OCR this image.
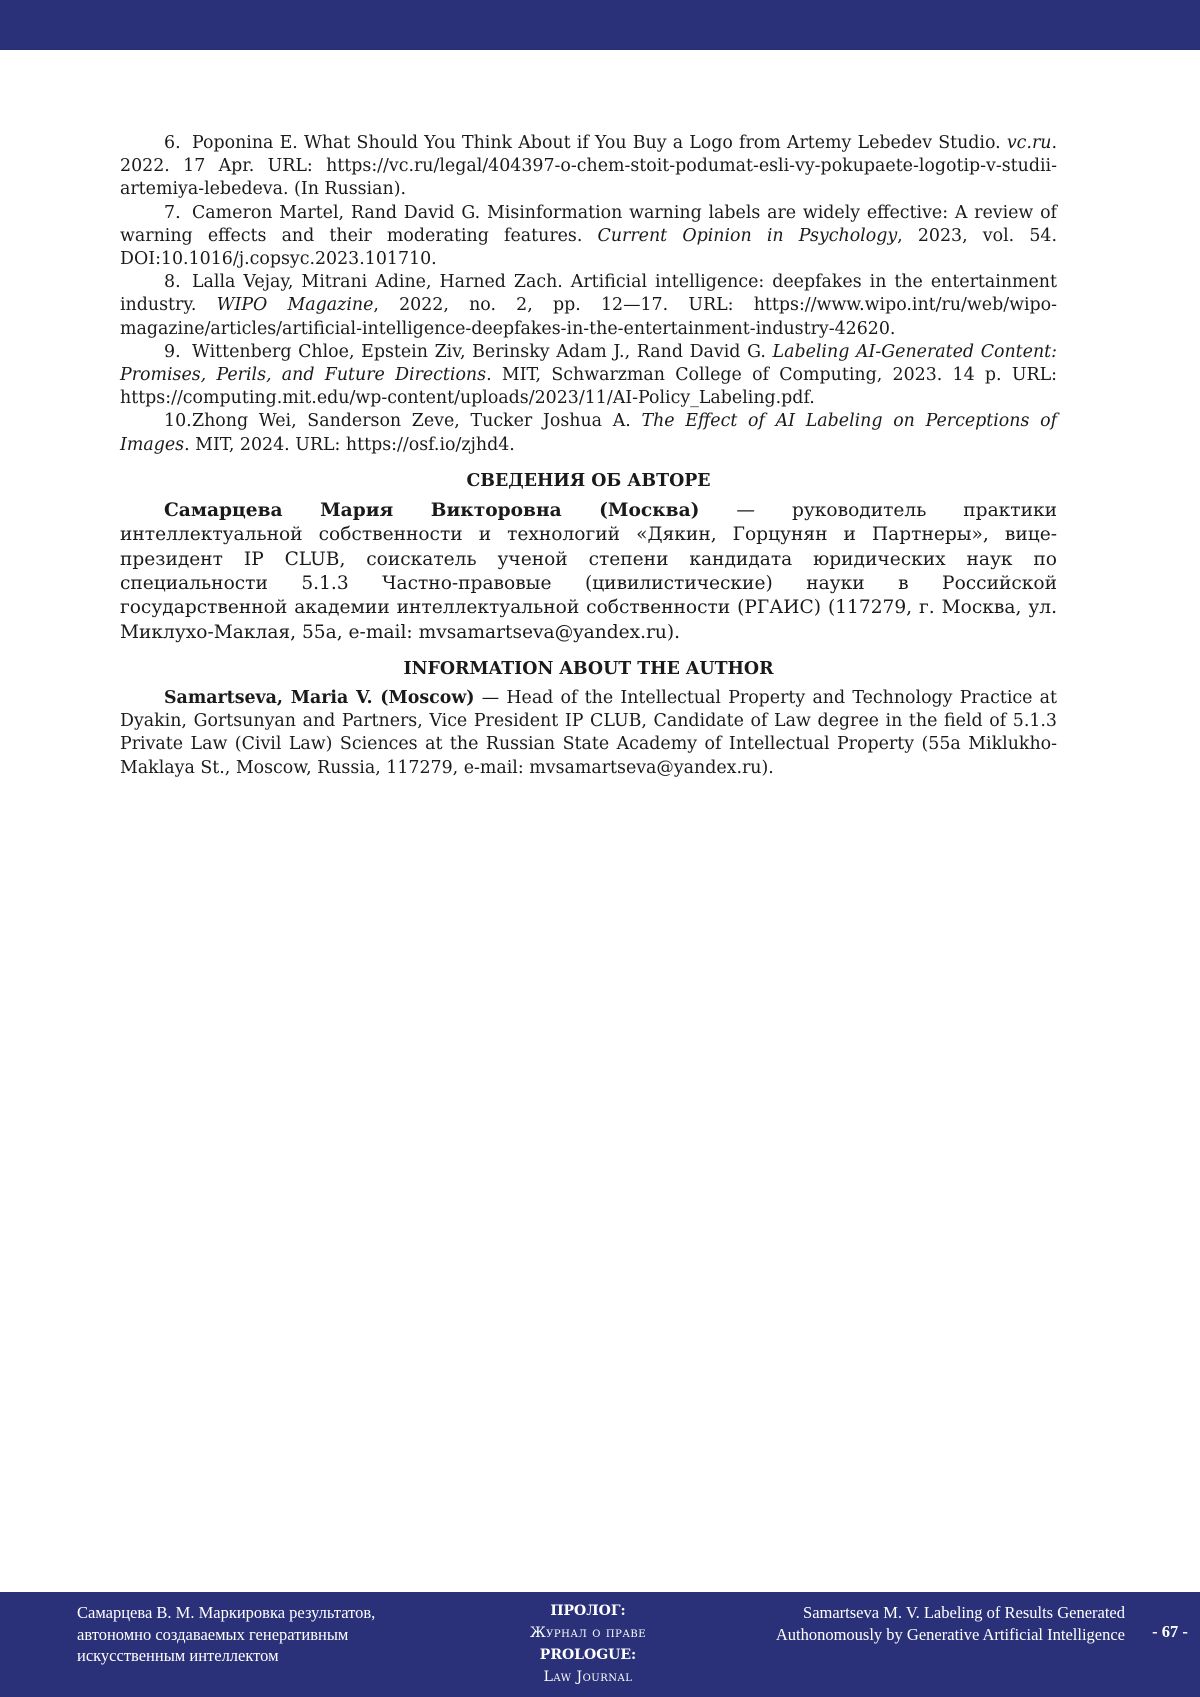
6. Poponina E. What Should You Think About if You Buy a Logo from Artemy Lebedev Studio. vc.ru. 2022. 17 Apr. URL: https://vc.ru/legal/404397-o-chem-stoit-podumat-esli-vy-pokupaete-logotip-v-studii-artemiya-lebedeva. (In Russian).

7. Cameron Martel, Rand David G. Misinformation warning labels are widely effective: A review of warning effects and their moderating features. Current Opinion in Psychology, 2023, vol. 54. DOI:10.1016/j.copsyc.2023.101710.

8. Lalla Vejay, Mitrani Adine, Harned Zach. Artificial intelligence: deepfakes in the entertainment industry. WIPO Magazine, 2022, no. 2, pp. 12—17. URL: https://www.wipo.int/ru/web/wipo-magazine/articles/artificial-intelligence-deepfakes-in-the-entertainment-industry-42620.

9. Wittenberg Chloe, Epstein Ziv, Berinsky Adam J., Rand David G. Labeling AI-Generated Content: Promises, Perils, and Future Directions. MIT, Schwarzman College of Computing, 2023. 14 p. URL: https://computing.mit.edu/wp-content/uploads/2023/11/AI-Policy_Labeling.pdf.

10.Zhong Wei, Sanderson Zeve, Tucker Joshua A. The Effect of AI Labeling on Perceptions of Images. MIT, 2024. URL: https://osf.io/zjhd4.

СВЕДЕНИЯ ОБ АВТОРЕ

Самарцева Мария Викторовна (Москва) — руководитель практики интеллектуальной собственности и технологий «Дякин, Горцунян и Партнеры», вице-президент IP CLUB, соискатель ученой степени кандидата юридических наук по специальности 5.1.3 Частно-правовые (цивилистические) науки в Российской государственной академии интеллектуальной собственности (РГАИС) (117279, г. Москва, ул. Миклухо-Маклая, 55а, e-mail: mvsamartseva@yandex.ru).

INFORMATION ABOUT THE AUTHOR

Samartseva, Maria V. (Moscow) — Head of the Intellectual Property and Technology Practice at Dyakin, Gortsunyan and Partners, Vice President IP CLUB, Candidate of Law degree in the field of 5.1.3 Private Law (Civil Law) Sciences at the Russian State Academy of Intellectual Property (55a Miklukho-Maklaya St., Moscow, Russia, 117279, e-mail: mvsamartseva@yandex.ru).

Самарцева В. М. Маркировка результатов,
автономно создаваемых генеративным
искусственным интеллектом
ПРОЛОГ:
Журнал о праве
PROLOGUE:
Law Journal
Samartseva M. V. Labeling of Results Generated
Authonomously by Generative Artificial Intelligence	- 67 -
